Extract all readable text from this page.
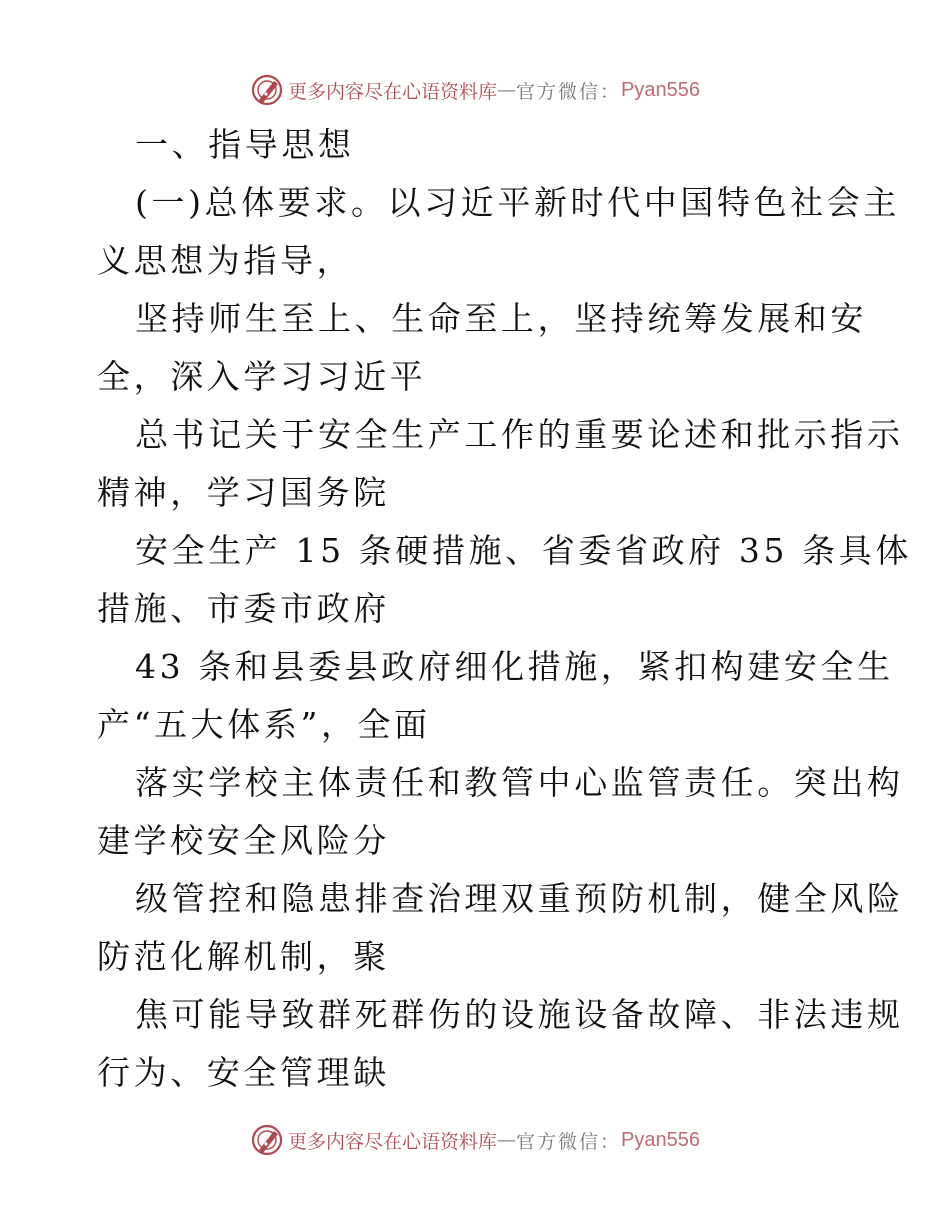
更多内容尽在心语资料库 — 官方微信： Pyan556
一、指导思想
(一)总体要求。以习近平新时代中国特色社会主
义思想为指导，
坚持师生至上、生命至上，坚持统筹发展和安
全，深入学习习近平
总书记关于安全生产工作的重要论述和批示指示
精神，学习国务院
安全生产 15 条硬措施、省委省政府 35 条具体
措施、市委市政府
43 条和县委县政府细化措施，紧扣构建安全生
产“五大体系”，全面
落实学校主体责任和教管中心监管责任。突出构
建学校安全风险分
级管控和隐患排查治理双重预防机制，健全风险
防范化解机制，聚
焦可能导致群死群伤的设施设备故障、非法违规
行为、安全管理缺
更多内容尽在心语资料库 — 官方微信： Pyan556
